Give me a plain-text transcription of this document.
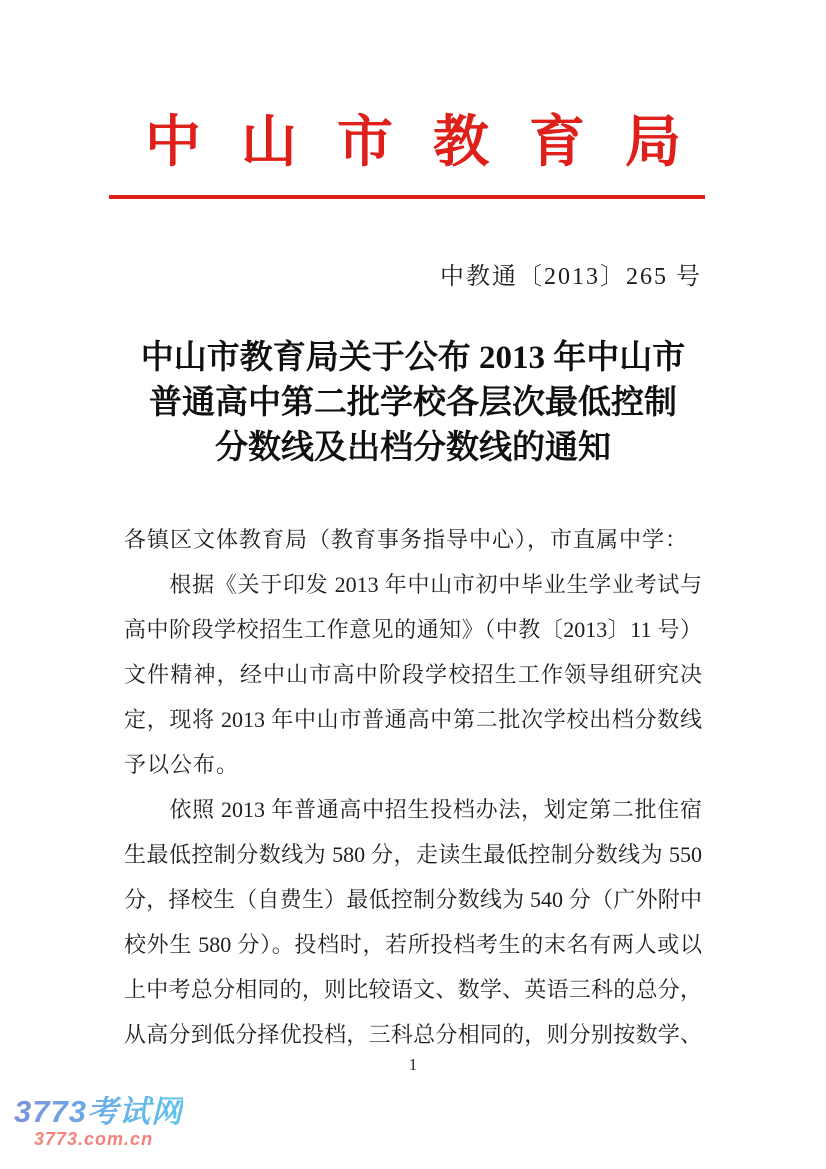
中山市教育局
中教通〔2013〕265 号
中山市教育局关于公布 2013 年中山市
普通高中第二批学校各层次最低控制
分数线及出档分数线的通知
各镇区文体教育局（教育事务指导中心），市直属中学：
　　根据《关于印发 2013 年中山市初中毕业生学业考试与
高中阶段学校招生工作意见的通知》（中教〔2013〕11 号）
文件精神，经中山市高中阶段学校招生工作领导组研究决
定，现将 2013 年中山市普通高中第二批次学校出档分数线
予以公布。
　　依照 2013 年普通高中招生投档办法，划定第二批住宿
生最低控制分数线为 580 分，走读生最低控制分数线为 550
分，择校生（自费生）最低控制分数线为 540 分（广外附中
校外生 580 分）。投档时，若所投档考生的末名有两人或以
上中考总分相同的，则比较语文、数学、英语三科的总分，
从高分到低分择优投档，三科总分相同的，则分别按数学、
1
3773考试网
3773.com.cn
